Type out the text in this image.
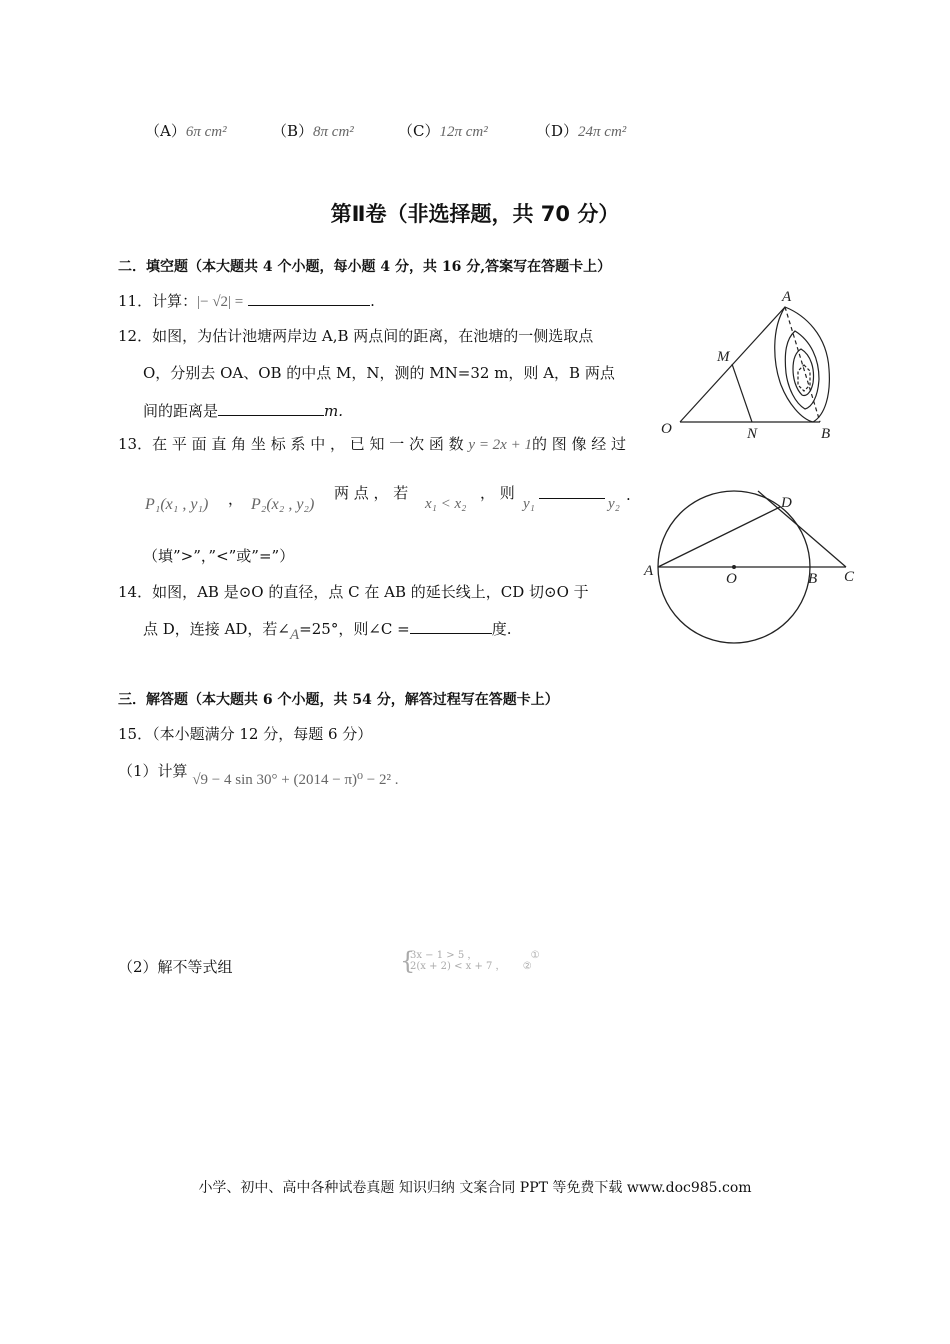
（A）6π cm²	（B）8π cm²	（C）12π cm²	（D）24π cm²
第Ⅱ卷（非选择题，共 70 分）
二．填空题（本大题共 4 个小题，每小题 4 分，共 16 分,答案写在答题卡上）
11．计算：|− √2| =	.
12．如图，为估计池塘两岸边 A,B 两点间的距离，在池塘的一侧选取点
O，分别去 OA、OB 的中点 M，N，测的 MN=32 m，则 A，B 两点
间的距离是	m.
13．在 平 面 直 角 坐 标 系 中 ， 已 知 一 次 函 数 y = 2x + 1的 图 像 经 过
P₁(x₁ , y₁) ， P₂(x₂ , y₂)
两 点 ， 若
x₁ < x₂
， 则
y₁	y₂ .
（填”>”，”<”或”=”）
14．如图，AB 是⊙O 的直径，点 C 在 AB 的延长线上，CD 切⊙O 于
点 D，连接 AD，若∠A=25°，则∠C =	度.
A
M
O	N	B
A	O	B C
D
三．解答题（本大题共 6 个小题，共 54 分，解答过程写在答题卡上）
15．（本小题满分 12 分，每题 6 分）
（1）计算 √9 − 4 sin 30° + (2014 − π)⁰ − 2² .
（2）解不等式组	{
3x − 1 > 5 ，	①
2(x + 2) < x + 7 ， ②
小学、初中、高中各种试卷真题 知识归纳 文案合同 PPT 等免费下载 www.doc985.com
